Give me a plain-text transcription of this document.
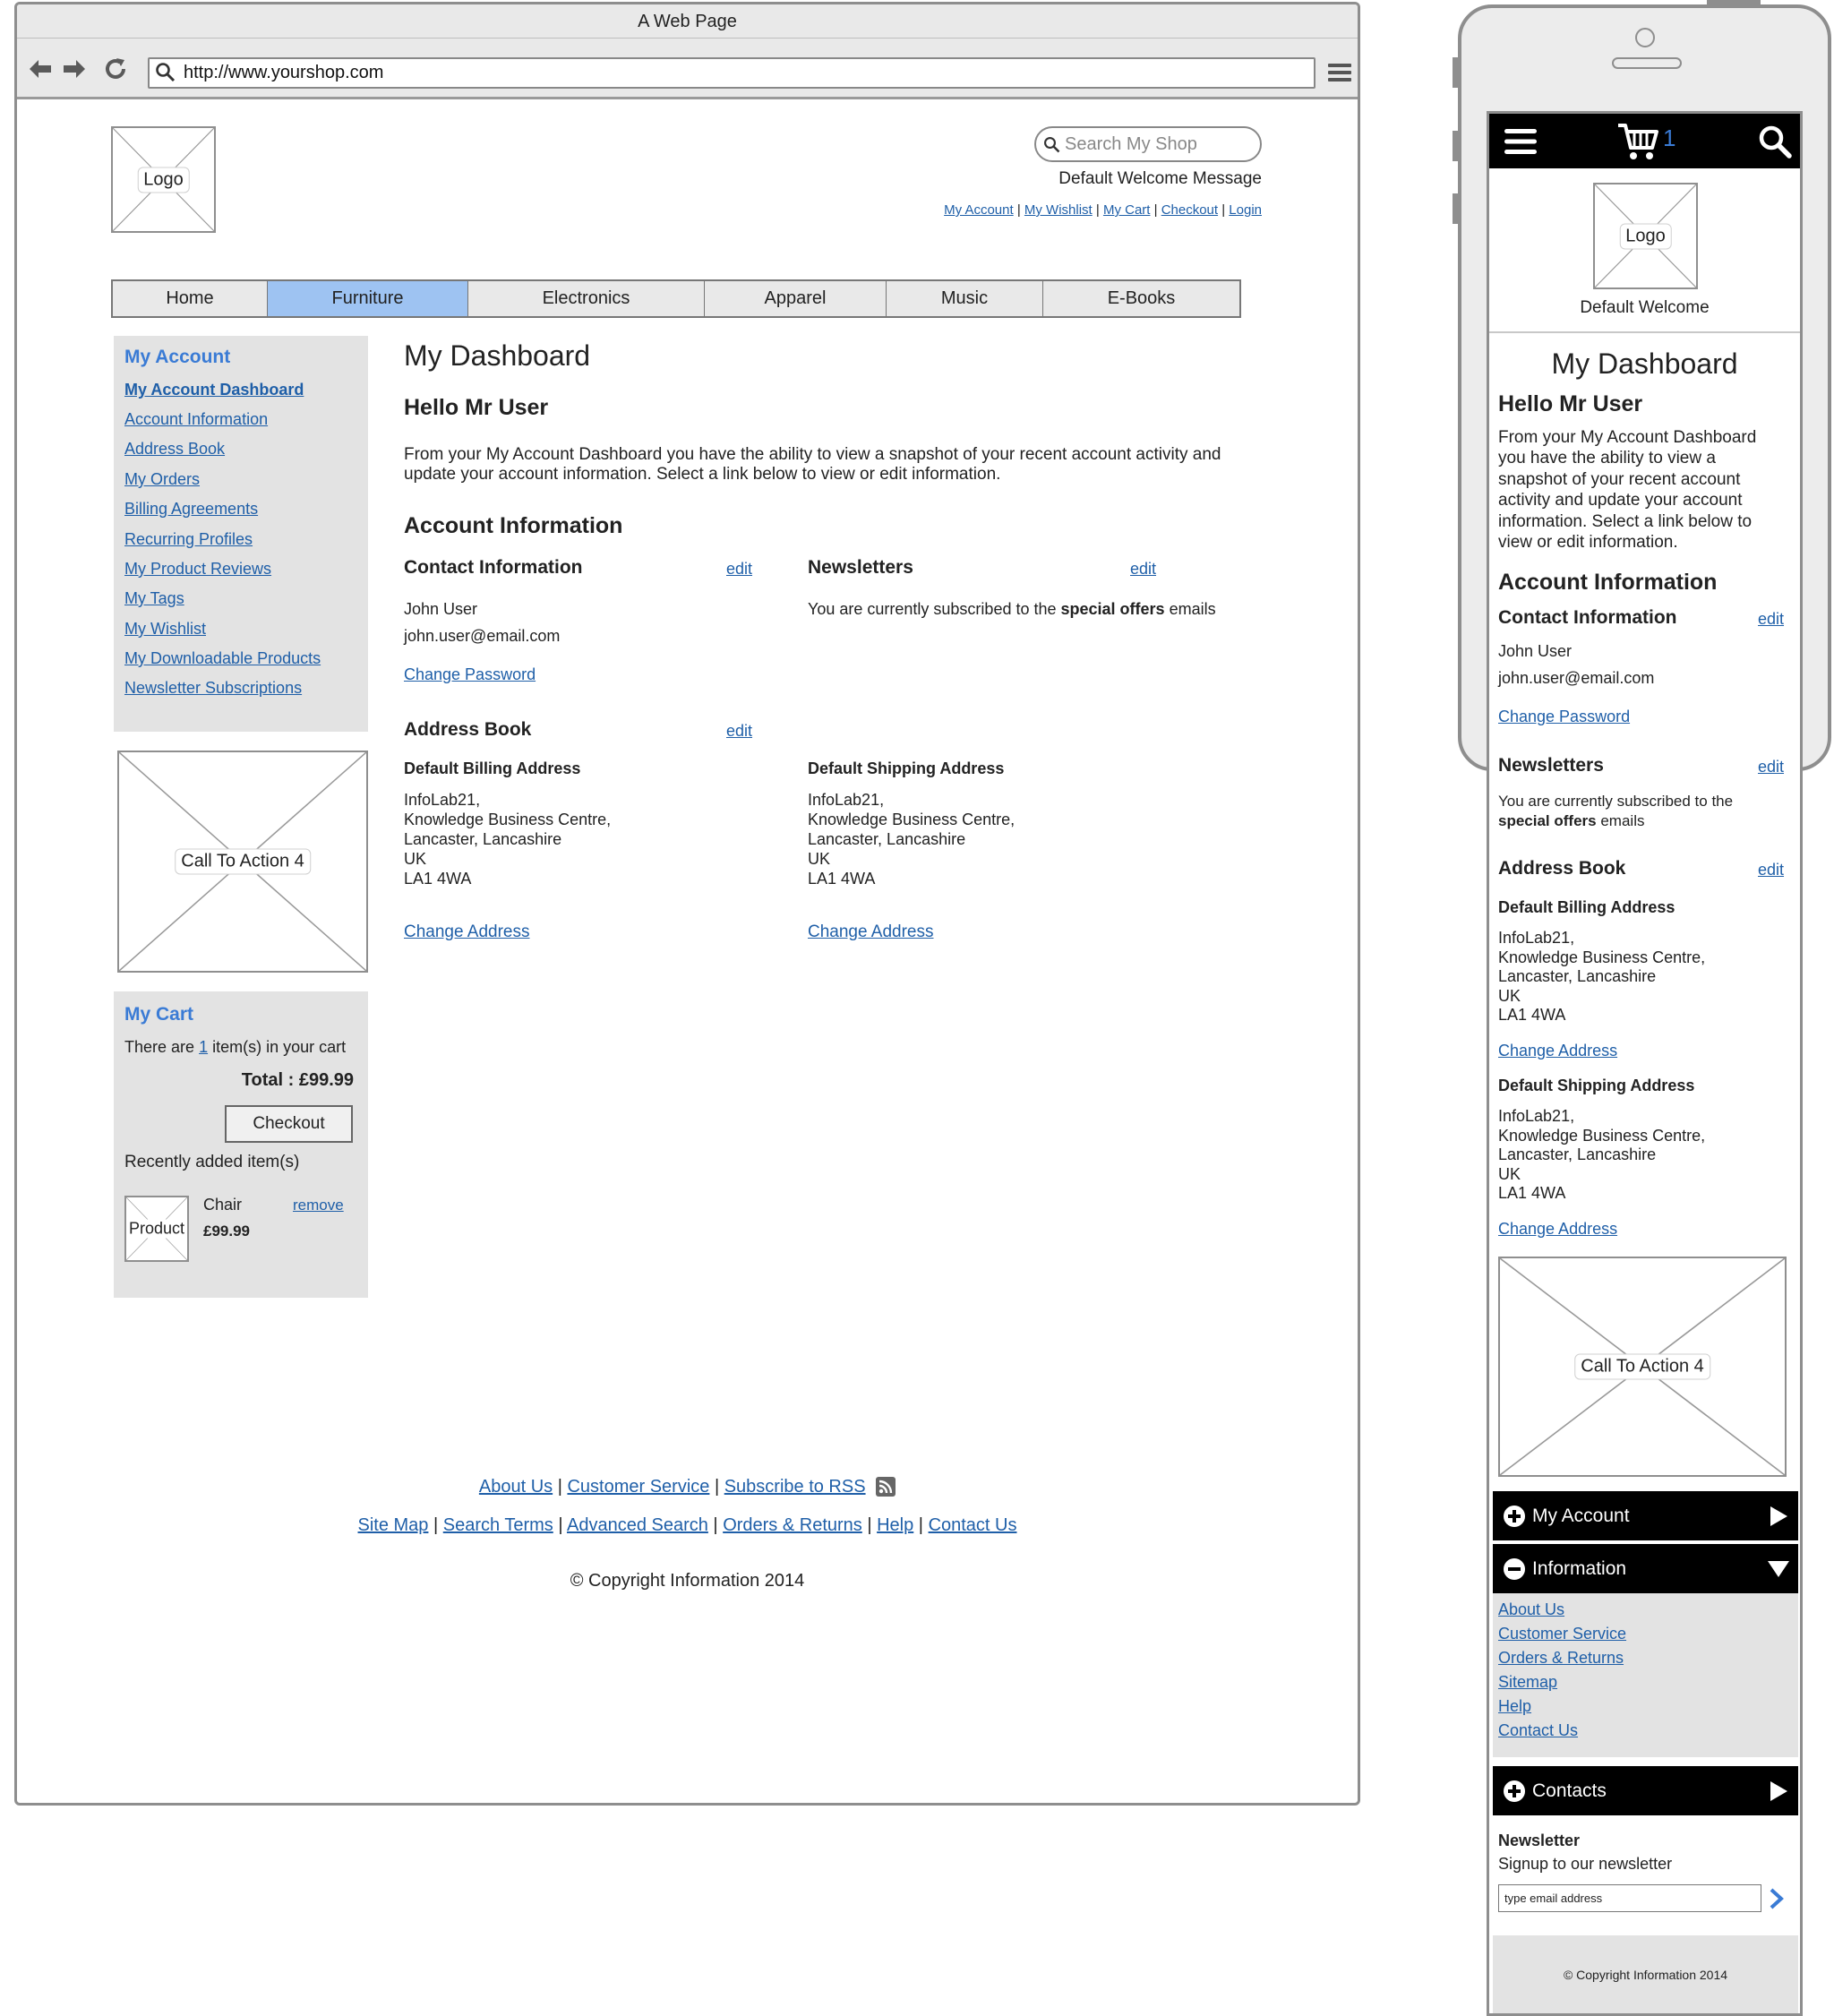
A Web Page
http://www.yourshop.com
Logo
Search My Shop
Default Welcome Message
My Account | My Wishlist | My Cart | Checkout | Login
Home	Furniture	Electronics	Apparel	Music	E-Books
My Account
My Account Dashboard
Account Information
Address Book
My Orders
Billing Agreements
Recurring Profiles
My Product Reviews
My Tags
My Wishlist
My Downloadable Products
Newsletter Subscriptions
Call To Action 4
My Cart
There are 1 item(s) in your cart
Total : £99.99
Checkout
Recently added item(s)
Product
Chair
£99.99
remove
My Dashboard
Hello Mr User
From your My Account Dashboard you have the ability to view a snapshot of your recent account activity and update your account information. Select a link below to view or edit information.
Account Information
Contact Information	edit
John User
john.user@email.com
Change Password
Newsletters	edit
You are currently subscribed to the special offers emails
Address Book	edit
Default Billing Address
InfoLab21,
Knowledge Business Centre,
Lancaster, Lancashire
UK
LA1 4WA
Change Address
Default Shipping Address
InfoLab21,
Knowledge Business Centre,
Lancaster, Lancashire
UK
LA1 4WA
Change Address
About Us | Customer Service | Subscribe to RSS
Site Map | Search Terms | Advanced Search | Orders & Returns | Help | Contact Us
© Copyright Information 2014
1
Logo
Default Welcome
My Dashboard
Hello Mr User
From your My Account Dashboard
you have the ability to view a
snapshot of your recent account
activity and update your account
information. Select a link below to
view or edit information.
Account Information
Contact Information	edit
John User
john.user@email.com
Change Password
Newsletters	edit
You are currently subscribed to the
special offers emails
Address Book	edit
Default Billing Address
InfoLab21,
Knowledge Business Centre,
Lancaster, Lancashire
UK
LA1 4WA
Change Address
Default Shipping Address
InfoLab21,
Knowledge Business Centre,
Lancaster, Lancashire
UK
LA1 4WA
Change Address
Call To Action 4
My Account
Information
About Us
Customer Service
Orders & Returns
Sitemap
Help
Contact Us
Contacts
Newsletter
Signup to our newsletter
type email address
© Copyright Information 2014
